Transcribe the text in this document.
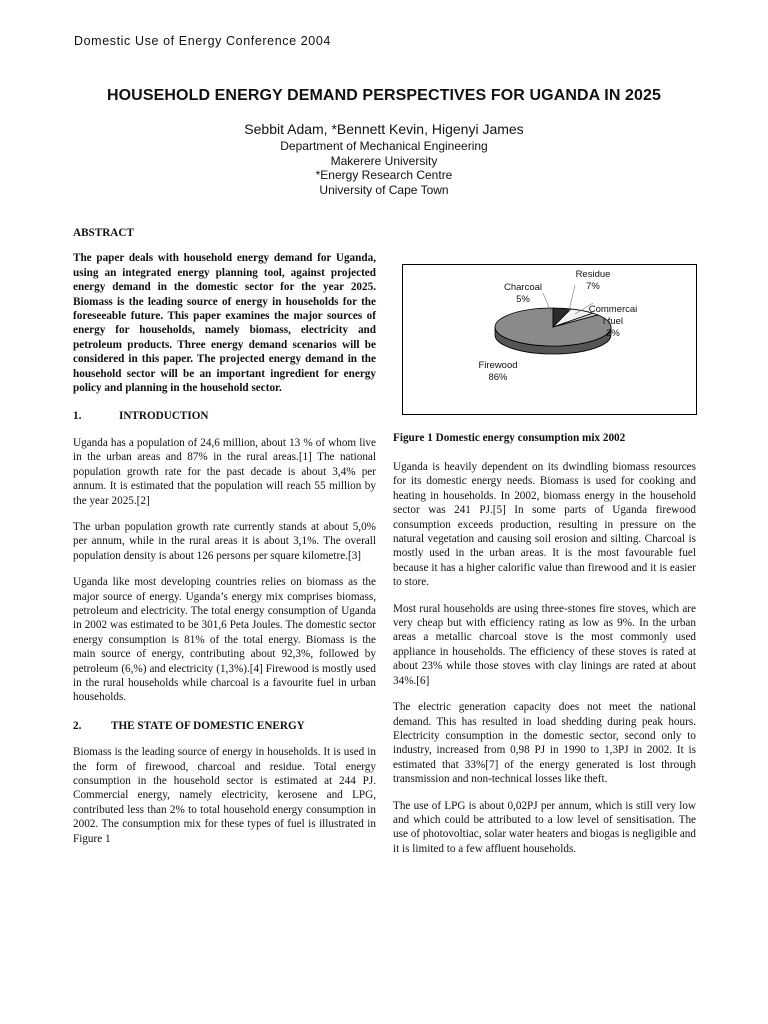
Domestic Use of Energy Conference 2004
HOUSEHOLD ENERGY DEMAND PERSPECTIVES FOR UGANDA IN 2025
Sebbit Adam, *Bennett Kevin, Higenyi James
Department of Mechanical Engineering
Makerere University
*Energy Research Centre
University of Cape Town

ABSTRACT

The paper deals with household energy demand for Uganda, using an integrated energy planning tool, against projected energy demand in the domestic sector for the year 2025. Biomass is the leading source of energy in households for the foreseeable future. This paper examines the major sources of energy for households, namely biomass, electricity and petroleum products. Three energy demand scenarios will be considered in this paper. The projected energy demand in the household sector will be an important ingredient for energy policy and planning in the household sector.

1.	INTRODUCTION

Uganda has a population of 24,6 million, about 13 % of whom live in the urban areas and 87% in the rural areas.[1] The national population growth rate for the past decade is about 3,4% per annum. It is estimated that the population will reach 55 million by the year 2025.[2]

The urban population growth rate currently stands at about 5,0% per annum, while in the rural areas it is about 3,1%. The overall population density is about 126 persons per square kilometre.[3]

Uganda like most developing countries relies on biomass as the major source of energy. Uganda’s energy mix comprises biomass, petroleum and electricity. The total energy consumption of Uganda in 2002 was estimated to be 301,6 Peta Joules. The domestic sector energy consumption is 81% of the total energy. Biomass is the main source of energy, contributing about 92,3%, followed by petroleum (6,%) and electricity (1,3%).[4] Firewood is mostly used in the rural households while charcoal is a favourite fuel in urban households.

2.	THE STATE OF DOMESTIC ENERGY

Biomass is the leading source of energy in households. It is used in the form of firewood, charcoal and residue. Total energy consumption in the household sector is estimated at 244 PJ. Commercial energy, namely electricity, kerosene and LPG, contributed less than 2% to total household energy consumption in 2002. The consumption mix for these types of fuel is illustrated in Figure 1

Firewood 86%
Charcoal 5%
Residue 7%
Commercai l fuel 2%
Figure 1 Domestic energy consumption mix 2002

Uganda is heavily dependent on its dwindling biomass resources for its domestic energy needs. Biomass is used for cooking and heating in households. In 2002, biomass energy in the household sector was 241 PJ.[5] In some parts of Uganda firewood consumption exceeds production, resulting in pressure on the natural vegetation and causing soil erosion and silting. Charcoal is mostly used in the urban areas. It is the most favourable fuel because it has a higher calorific value than firewood and it is easier to store.

Most rural households are using three-stones fire stoves, which are very cheap but with efficiency rating as low as 9%. In the urban areas a metallic charcoal stove is the most commonly used appliance in households. The efficiency of these stoves is rated at about 23% while those stoves with clay linings are rated at about 34%.[6]

The electric generation capacity does not meet the national demand. This has resulted in load shedding during peak hours. Electricity consumption in the domestic sector, second only to industry, increased from 0,98 PJ in 1990 to 1,3PJ in 2002. It is estimated that 33%[7] of the energy generated is lost through transmission and non-technical losses like theft.

The use of LPG is about 0,02PJ per annum, which is still very low and which could be attributed to a low level of sensitisation. The use of photovoltiac, solar water heaters and biogas is negligible and it is limited to a few affluent households.
